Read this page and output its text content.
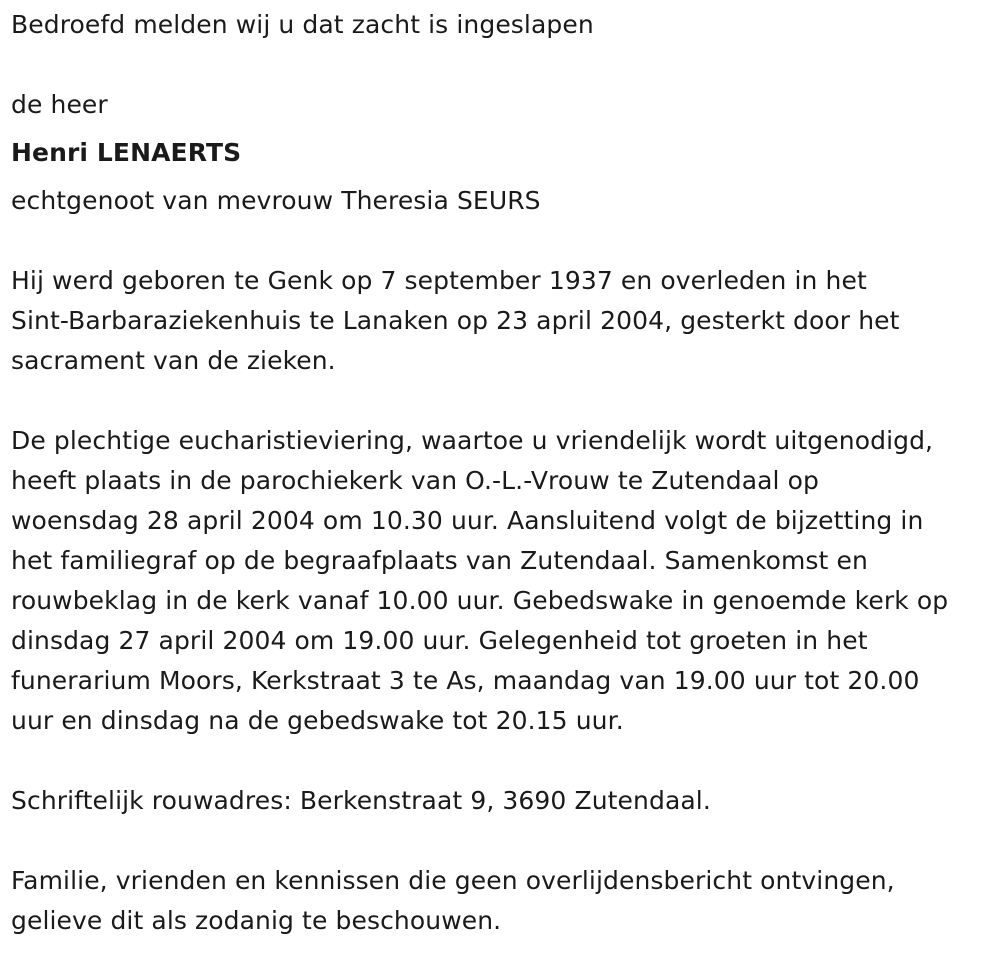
Bedroefd melden wij u dat zacht is ingeslapen
de heer
Henri LENAERTS
echtgenoot van mevrouw Theresia SEURS
Hij werd geboren te Genk op 7 september 1937 en overleden in het
Sint-Barbaraziekenhuis te Lanaken op 23 april 2004, gesterkt door het
sacrament van de zieken.
De plechtige eucharistieviering, waartoe u vriendelijk wordt uitgenodigd,
heeft plaats in de parochiekerk van O.-L.-Vrouw te Zutendaal op
woensdag 28 april 2004 om 10.30 uur. Aansluitend volgt de bijzetting in
het familiegraf op de begraafplaats van Zutendaal. Samenkomst en
rouwbeklag in de kerk vanaf 10.00 uur. Gebedswake in genoemde kerk op
dinsdag 27 april 2004 om 19.00 uur. Gelegenheid tot groeten in het
funerarium Moors, Kerkstraat 3 te As, maandag van 19.00 uur tot 20.00
uur en dinsdag na de gebedswake tot 20.15 uur.
Schriftelijk rouwadres: Berkenstraat 9, 3690 Zutendaal.
Familie, vrienden en kennissen die geen overlijdensbericht ontvingen,
gelieve dit als zodanig te beschouwen.
